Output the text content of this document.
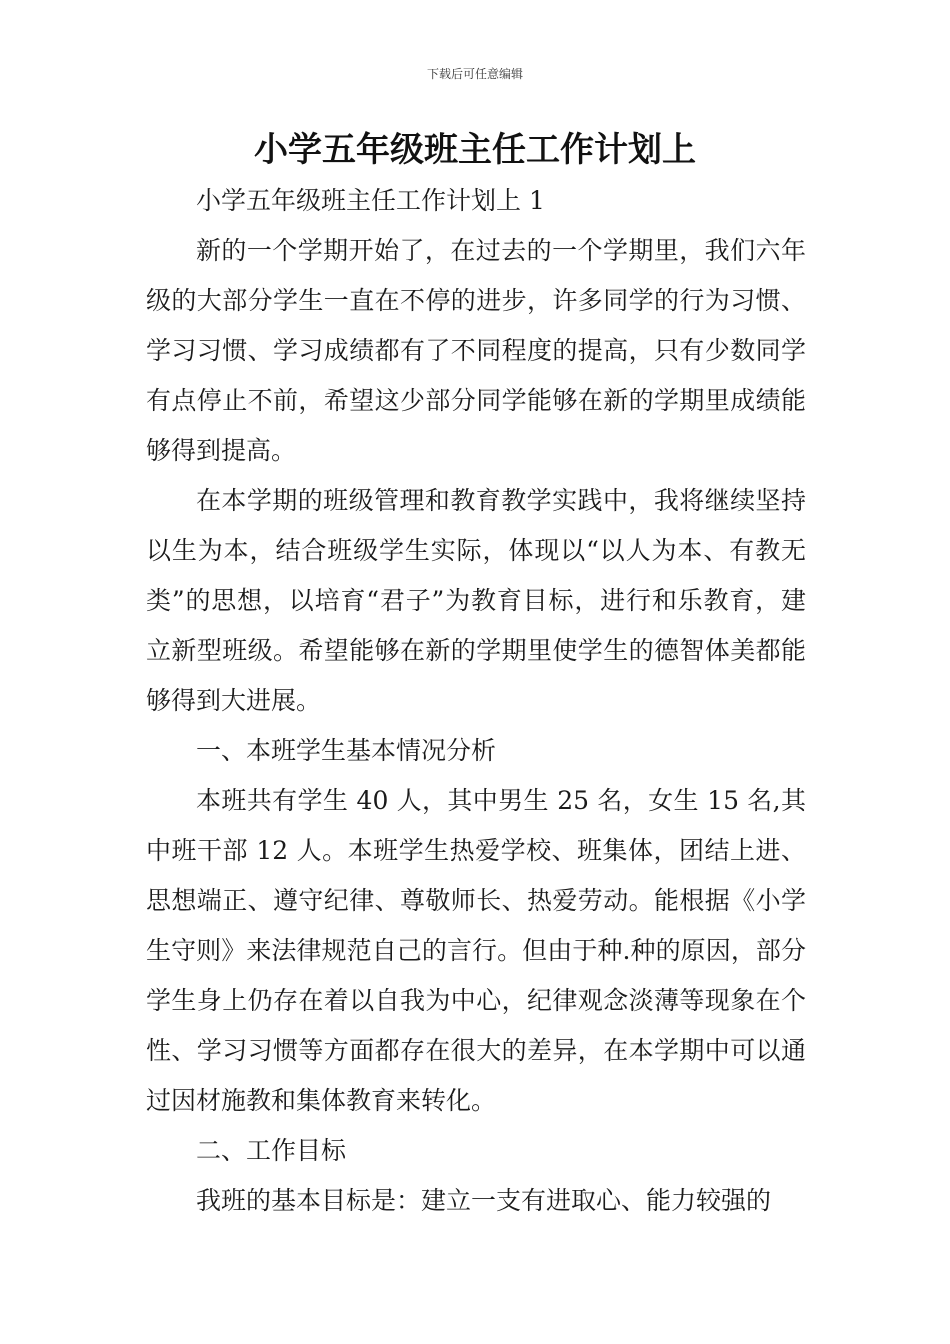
下载后可任意编辑
小学五年级班主任工作计划上

小学五年级班主任工作计划上 1

新的一个学期开始了，在过去的一个学期里，我们六年级的大部分学生一直在不停的进步，许多同学的行为习惯、学习习惯、学习成绩都有了不同程度的提高，只有少数同学有点停止不前，希望这少部分同学能够在新的学期里成绩能够得到提高。

在本学期的班级管理和教育教学实践中，我将继续坚持以生为本，结合班级学生实际，体现以“以人为本、有教无类”的思想，以培育“君子”为教育目标，进行和乐教育，建立新型班级。希望能够在新的学期里使学生的德智体美都能够得到大进展。

一、本班学生基本情况分析

本班共有学生 40 人，其中男生 25 名，女生 15 名,其中班干部 12 人。本班学生热爱学校、班集体，团结上进、思想端正、遵守纪律、尊敬师长、热爱劳动。能根据《小学生守则》来法律规范自己的言行。但由于种.种的原因，部分学生身上仍存在着以自我为中心，纪律观念淡薄等现象在个性、学习习惯等方面都存在很大的差异，在本学期中可以通过因材施教和集体教育来转化。

二、工作目标

我班的基本目标是：建立一支有进取心、能力较强的
